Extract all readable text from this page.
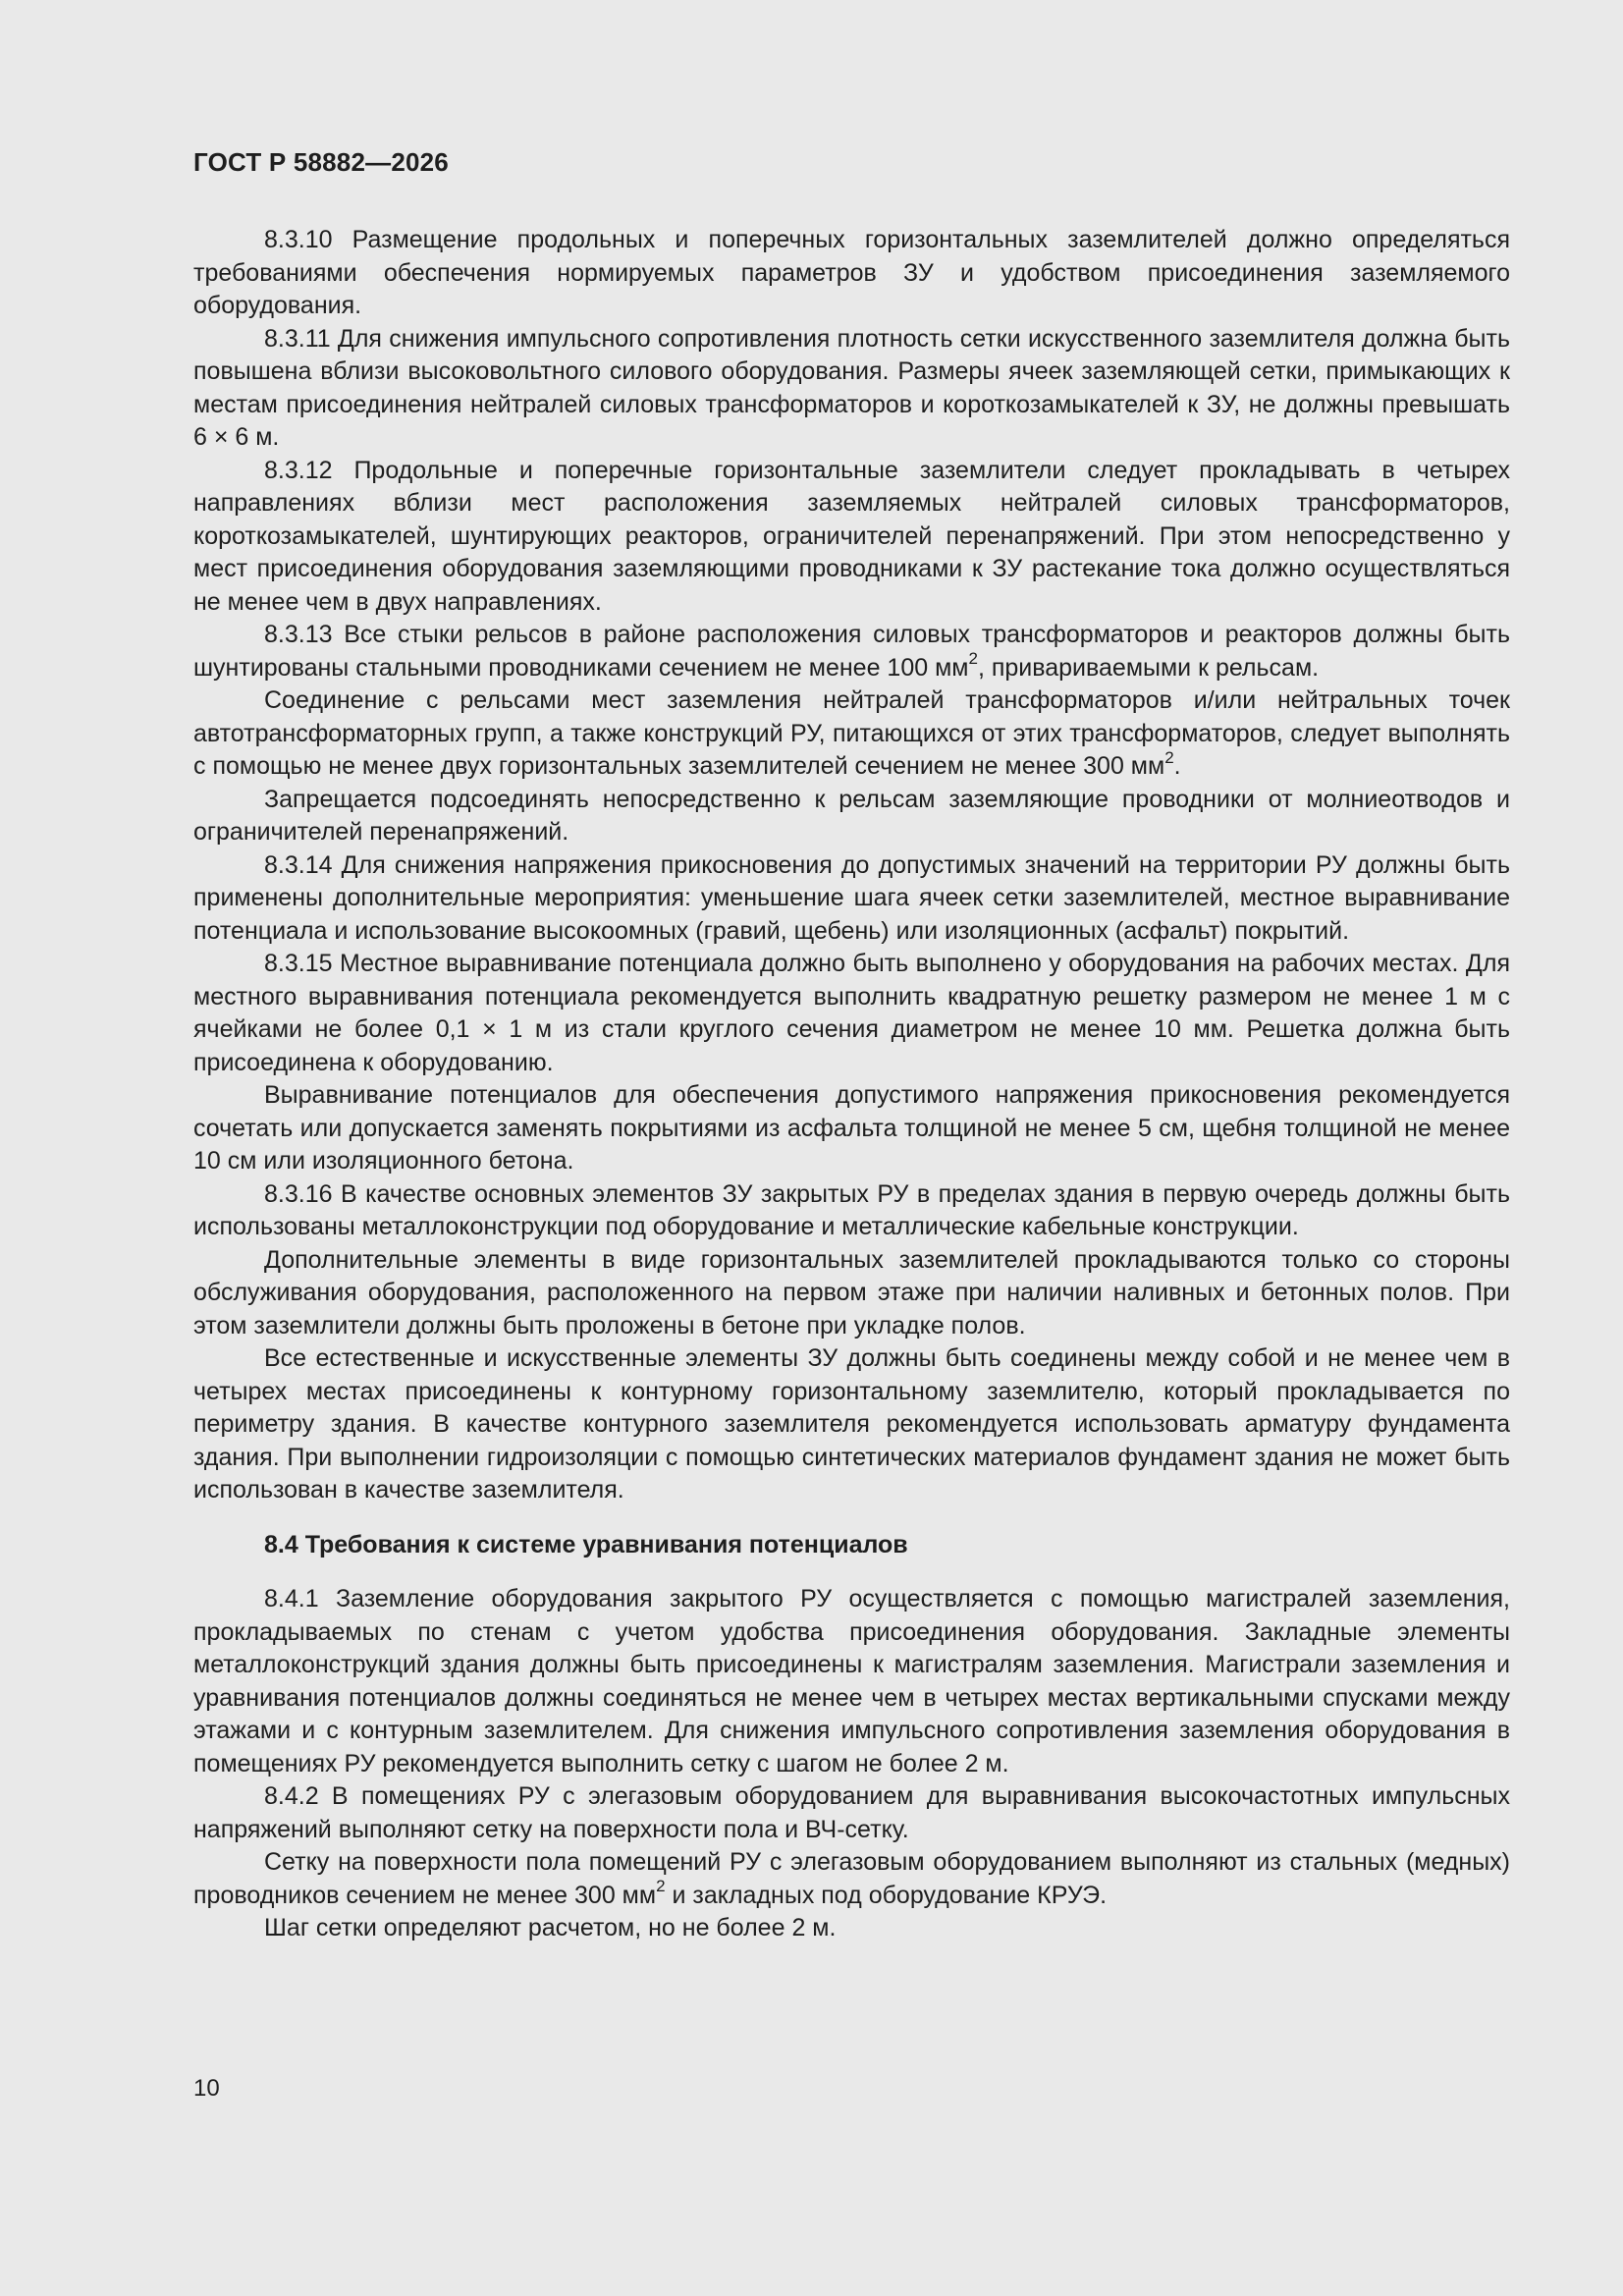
ГОСТ Р 58882—2026

8.3.10 Размещение продольных и поперечных горизонтальных заземлителей должно определяться требованиями обеспечения нормируемых параметров ЗУ и удобством присоединения заземляемого оборудования.

8.3.11 Для снижения импульсного сопротивления плотность сетки искусственного заземлителя должна быть повышена вблизи высоковольтного силового оборудования. Размеры ячеек заземляющей сетки, примыкающих к местам присоединения нейтралей силовых трансформаторов и короткозамыкателей к ЗУ, не должны превышать 6 × 6 м.

8.3.12 Продольные и поперечные горизонтальные заземлители следует прокладывать в четырех направлениях вблизи мест расположения заземляемых нейтралей силовых трансформаторов, короткозамыкателей, шунтирующих реакторов, ограничителей перенапряжений. При этом непосредственно у мест присоединения оборудования заземляющими проводниками к ЗУ растекание тока должно осуществляться не менее чем в двух направлениях.

8.3.13 Все стыки рельсов в районе расположения силовых трансформаторов и реакторов должны быть шунтированы стальными проводниками сечением не менее 100 $мм^2$, привариваемыми к рельсам.

Соединение с рельсами мест заземления нейтралей трансформаторов и/или нейтральных точек автотрансформаторных групп, а также конструкций РУ, питающихся от этих трансформаторов, следует выполнять с помощью не менее двух горизонтальных заземлителей сечением не менее 300 $мм^2$.

Запрещается подсоединять непосредственно к рельсам заземляющие проводники от молниеотводов и ограничителей перенапряжений.

8.3.14 Для снижения напряжения прикосновения до допустимых значений на территории РУ должны быть применены дополнительные мероприятия: уменьшение шага ячеек сетки заземлителей, местное выравнивание потенциала и использование высокоомных (гравий, щебень) или изоляционных (асфальт) покрытий.

8.3.15 Местное выравнивание потенциала должно быть выполнено у оборудования на рабочих местах. Для местного выравнивания потенциала рекомендуется выполнить квадратную решетку размером не менее 1 м с ячейками не более 0,1 × 1 м из стали круглого сечения диаметром не менее 10 мм. Решетка должна быть присоединена к оборудованию.

Выравнивание потенциалов для обеспечения допустимого напряжения прикосновения рекомендуется сочетать или допускается заменять покрытиями из асфальта толщиной не менее 5 см, щебня толщиной не менее 10 см или изоляционного бетона.

8.3.16 В качестве основных элементов ЗУ закрытых РУ в пределах здания в первую очередь должны быть использованы металлоконструкции под оборудование и металлические кабельные конструкции.

Дополнительные элементы в виде горизонтальных заземлителей прокладываются только со стороны обслуживания оборудования, расположенного на первом этаже при наличии наливных и бетонных полов. При этом заземлители должны быть проложены в бетоне при укладке полов.

Все естественные и искусственные элементы ЗУ должны быть соединены между собой и не менее чем в четырех местах присоединены к контурному горизонтальному заземлителю, который прокладывается по периметру здания. В качестве контурного заземлителя рекомендуется использовать арматуру фундамента здания. При выполнении гидроизоляции с помощью синтетических материалов фундамент здания не может быть использован в качестве заземлителя.

8.4 Требования к системе уравнивания потенциалов

8.4.1 Заземление оборудования закрытого РУ осуществляется с помощью магистралей заземления, прокладываемых по стенам с учетом удобства присоединения оборудования. Закладные элементы металлоконструкций здания должны быть присоединены к магистралям заземления. Магистрали заземления и уравнивания потенциалов должны соединяться не менее чем в четырех местах вертикальными спусками между этажами и с контурным заземлителем. Для снижения импульсного сопротивления заземления оборудования в помещениях РУ рекомендуется выполнить сетку с шагом не более 2 м.

8.4.2 В помещениях РУ с элегазовым оборудованием для выравнивания высокочастотных импульсных напряжений выполняют сетку на поверхности пола и ВЧ-сетку.

Сетку на поверхности пола помещений РУ с элегазовым оборудованием выполняют из стальных (медных) проводников сечением не менее 300 $мм^2$ и закладных под оборудование КРУЭ.

Шаг сетки определяют расчетом, но не более 2 м.

10
